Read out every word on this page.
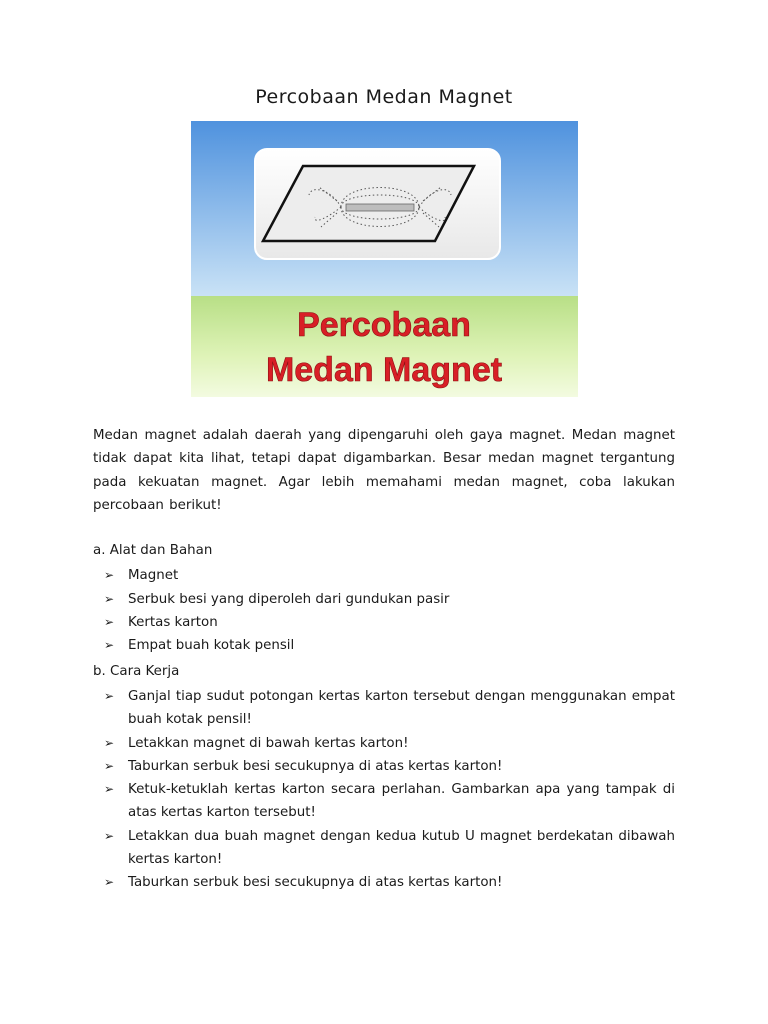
Percobaan Medan Magnet
Percobaan
Medan Magnet

Medan magnet adalah daerah yang dipengaruhi oleh gaya magnet. Medan magnet tidak dapat kita lihat, tetapi dapat digambarkan. Besar medan magnet tergantung pada kekuatan magnet. Agar lebih memahami medan magnet, coba lakukan percobaan berikut!

a. Alat dan Bahan

➢ Magnet
➢ Serbuk besi yang diperoleh dari gundukan pasir
➢ Kertas karton
➢ Empat buah kotak pensil

b. Cara Kerja

➢ Ganjal tiap sudut potongan kertas karton tersebut dengan menggunakan empat buah kotak pensil!
➢ Letakkan magnet di bawah kertas karton!
➢ Taburkan serbuk besi secukupnya di atas kertas karton!
➢ Ketuk-ketuklah kertas karton secara perlahan. Gambarkan apa yang tampak di atas kertas karton tersebut!
➢ Letakkan dua buah magnet dengan kedua kutub U magnet berdekatan dibawah kertas karton!
➢ Taburkan serbuk besi secukupnya di atas kertas karton!
